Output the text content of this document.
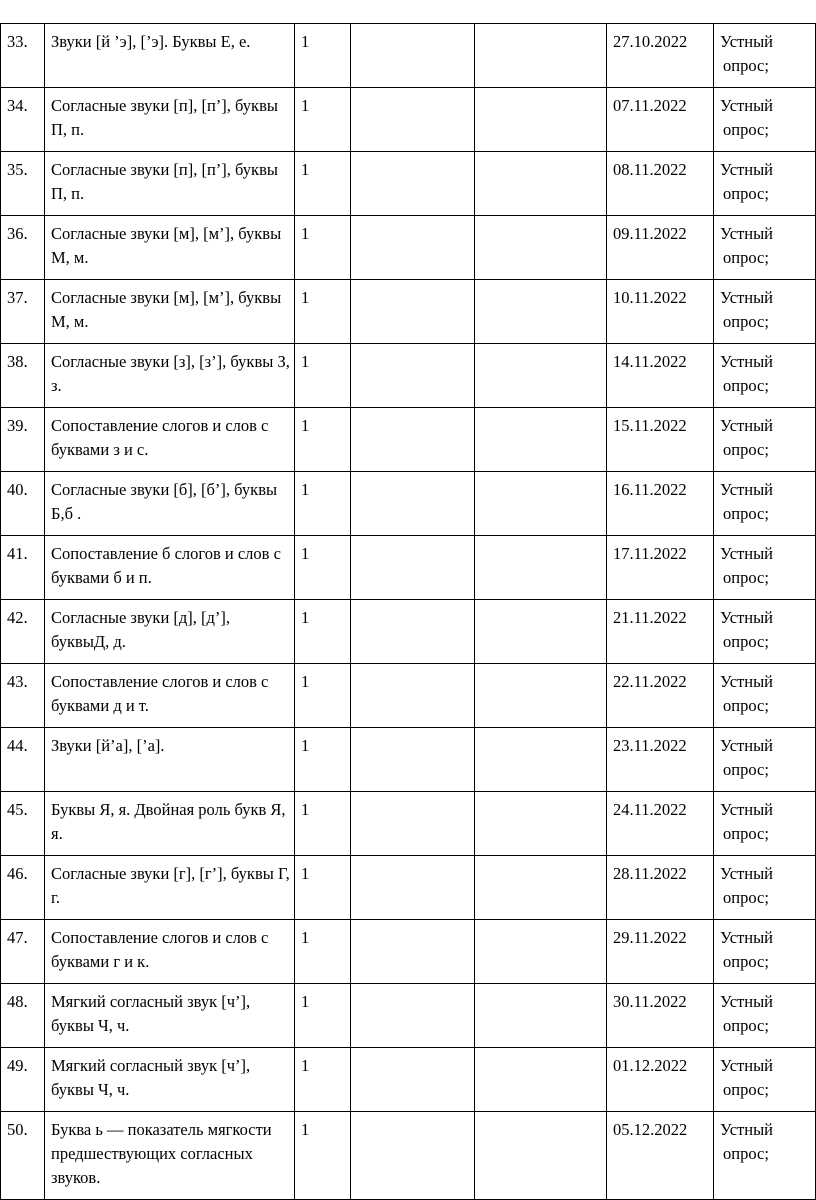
33.	Звуки [й ’э], [’э]. Буквы Е, е.	1			27.10.2022	Устный
опрос;

34.	Согласные звуки [п], [п’], буквы П, п.	1			07.11.2022	Устный
опрос;

35.	Согласные звуки [п], [п’], буквы П, п.	1			08.11.2022	Устный
опрос;

36.	Согласные звуки [м], [м’], буквы М, м.	1			09.11.2022	Устный
опрос;

37.	Согласные звуки [м], [м’], буквы М, м.	1			10.11.2022	Устный
опрос;

38.	Согласные звуки [з], [з’], буквы З, з.	1			14.11.2022	Устный
опрос;

39.	Сопоставление слогов и слов с буквами з и с.	1			15.11.2022	Устный
опрос;

40.	Согласные звуки [б], [б’], буквы Б,б .	1			16.11.2022	Устный
опрос;

41.	Сопоставление б слогов и слов с буквами б и п.	1			17.11.2022	Устный
опрос;

42.	Согласные звуки [д], [д’], буквыД, д.	1			21.11.2022	Устный
опрос;

43.	Сопоставление слогов и слов с буквами д и т.	1			22.11.2022	Устный
опрос;

44.	Звуки [й’а], [’а].	1			23.11.2022	Устный
опрос;

45.	Буквы Я, я. Двойная роль букв Я, я.	1			24.11.2022	Устный
опрос;

46.	Согласные звуки [г], [г’], буквы Г, г.	1			28.11.2022	Устный
опрос;

47.	Сопоставление слогов и слов с буквами г и к.	1			29.11.2022	Устный
опрос;

48.	Мягкий согласный звук [ч’], буквы Ч, ч.	1			30.11.2022	Устный
опрос;

49.	Мягкий согласный звук [ч’], буквы Ч, ч.	1			01.12.2022	Устный
опрос;

50.	Буква ь — показатель мягкости предшествующих согласных звуков.	1			05.12.2022	Устный
опрос;
